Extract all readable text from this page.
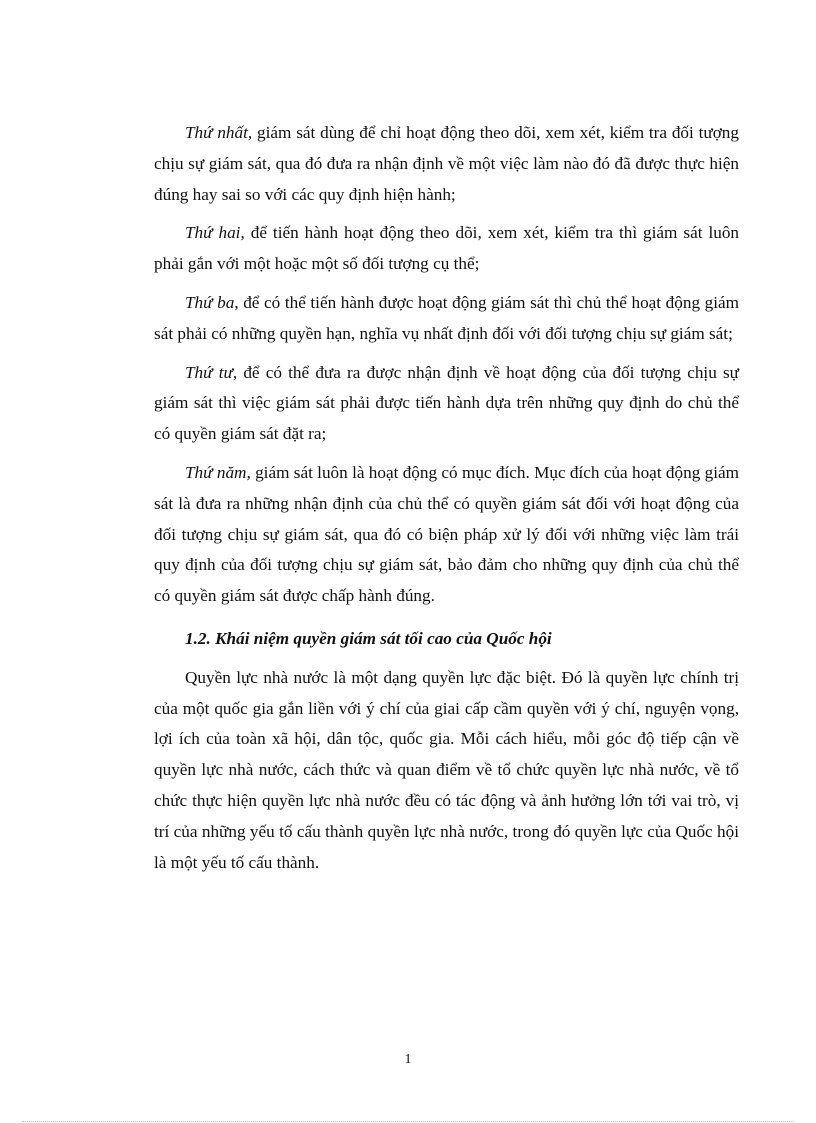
Thứ nhất, giám sát dùng để chỉ hoạt động theo dõi, xem xét, kiểm tra đối tượng chịu sự giám sát, qua đó đưa ra nhận định về một việc làm nào đó đã được thực hiện đúng hay sai so với các quy định hiện hành;

Thứ hai, để tiến hành hoạt động theo dõi, xem xét, kiểm tra thì giám sát luôn phải gắn với một hoặc một số đối tượng cụ thể;

Thứ ba, để có thể tiến hành được hoạt động giám sát thì chủ thể hoạt động giám sát phải có những quyền hạn, nghĩa vụ nhất định đối với đối tượng chịu sự giám sát;

Thứ tư, để có thể đưa ra được nhận định về hoạt động của đối tượng chịu sự giám sát thì việc giám sát phải được tiến hành dựa trên những quy định do chủ thể có quyền giám sát đặt ra;

Thứ năm, giám sát luôn là hoạt động có mục đích. Mục đích của hoạt động giám sát là đưa ra những nhận định của chủ thể có quyền giám sát đối với hoạt động của đối tượng chịu sự giám sát, qua đó có biện pháp xử lý đối với những việc làm trái quy định của đối tượng chịu sự giám sát, bảo đảm cho những quy định của chủ thể có quyền giám sát được chấp hành đúng.

1.2. Khái niệm quyền giám sát tối cao của Quốc hội

Quyền lực nhà nước là một dạng quyền lực đặc biệt. Đó là quyền lực chính trị của một quốc gia gắn liền với ý chí của giai cấp cầm quyền với ý chí, nguyện vọng, lợi ích của toàn xã hội, dân tộc, quốc gia. Mỗi cách hiểu, mỗi góc độ tiếp cận về quyền lực nhà nước, cách thức và quan điểm về tổ chức quyền lực nhà nước, về tổ chức thực hiện quyền lực nhà nước đều có tác động và ảnh hưởng lớn tới vai trò, vị trí của những yếu tố cấu thành quyền lực nhà nước, trong đó quyền lực của Quốc hội là một yếu tố cấu thành.

1
